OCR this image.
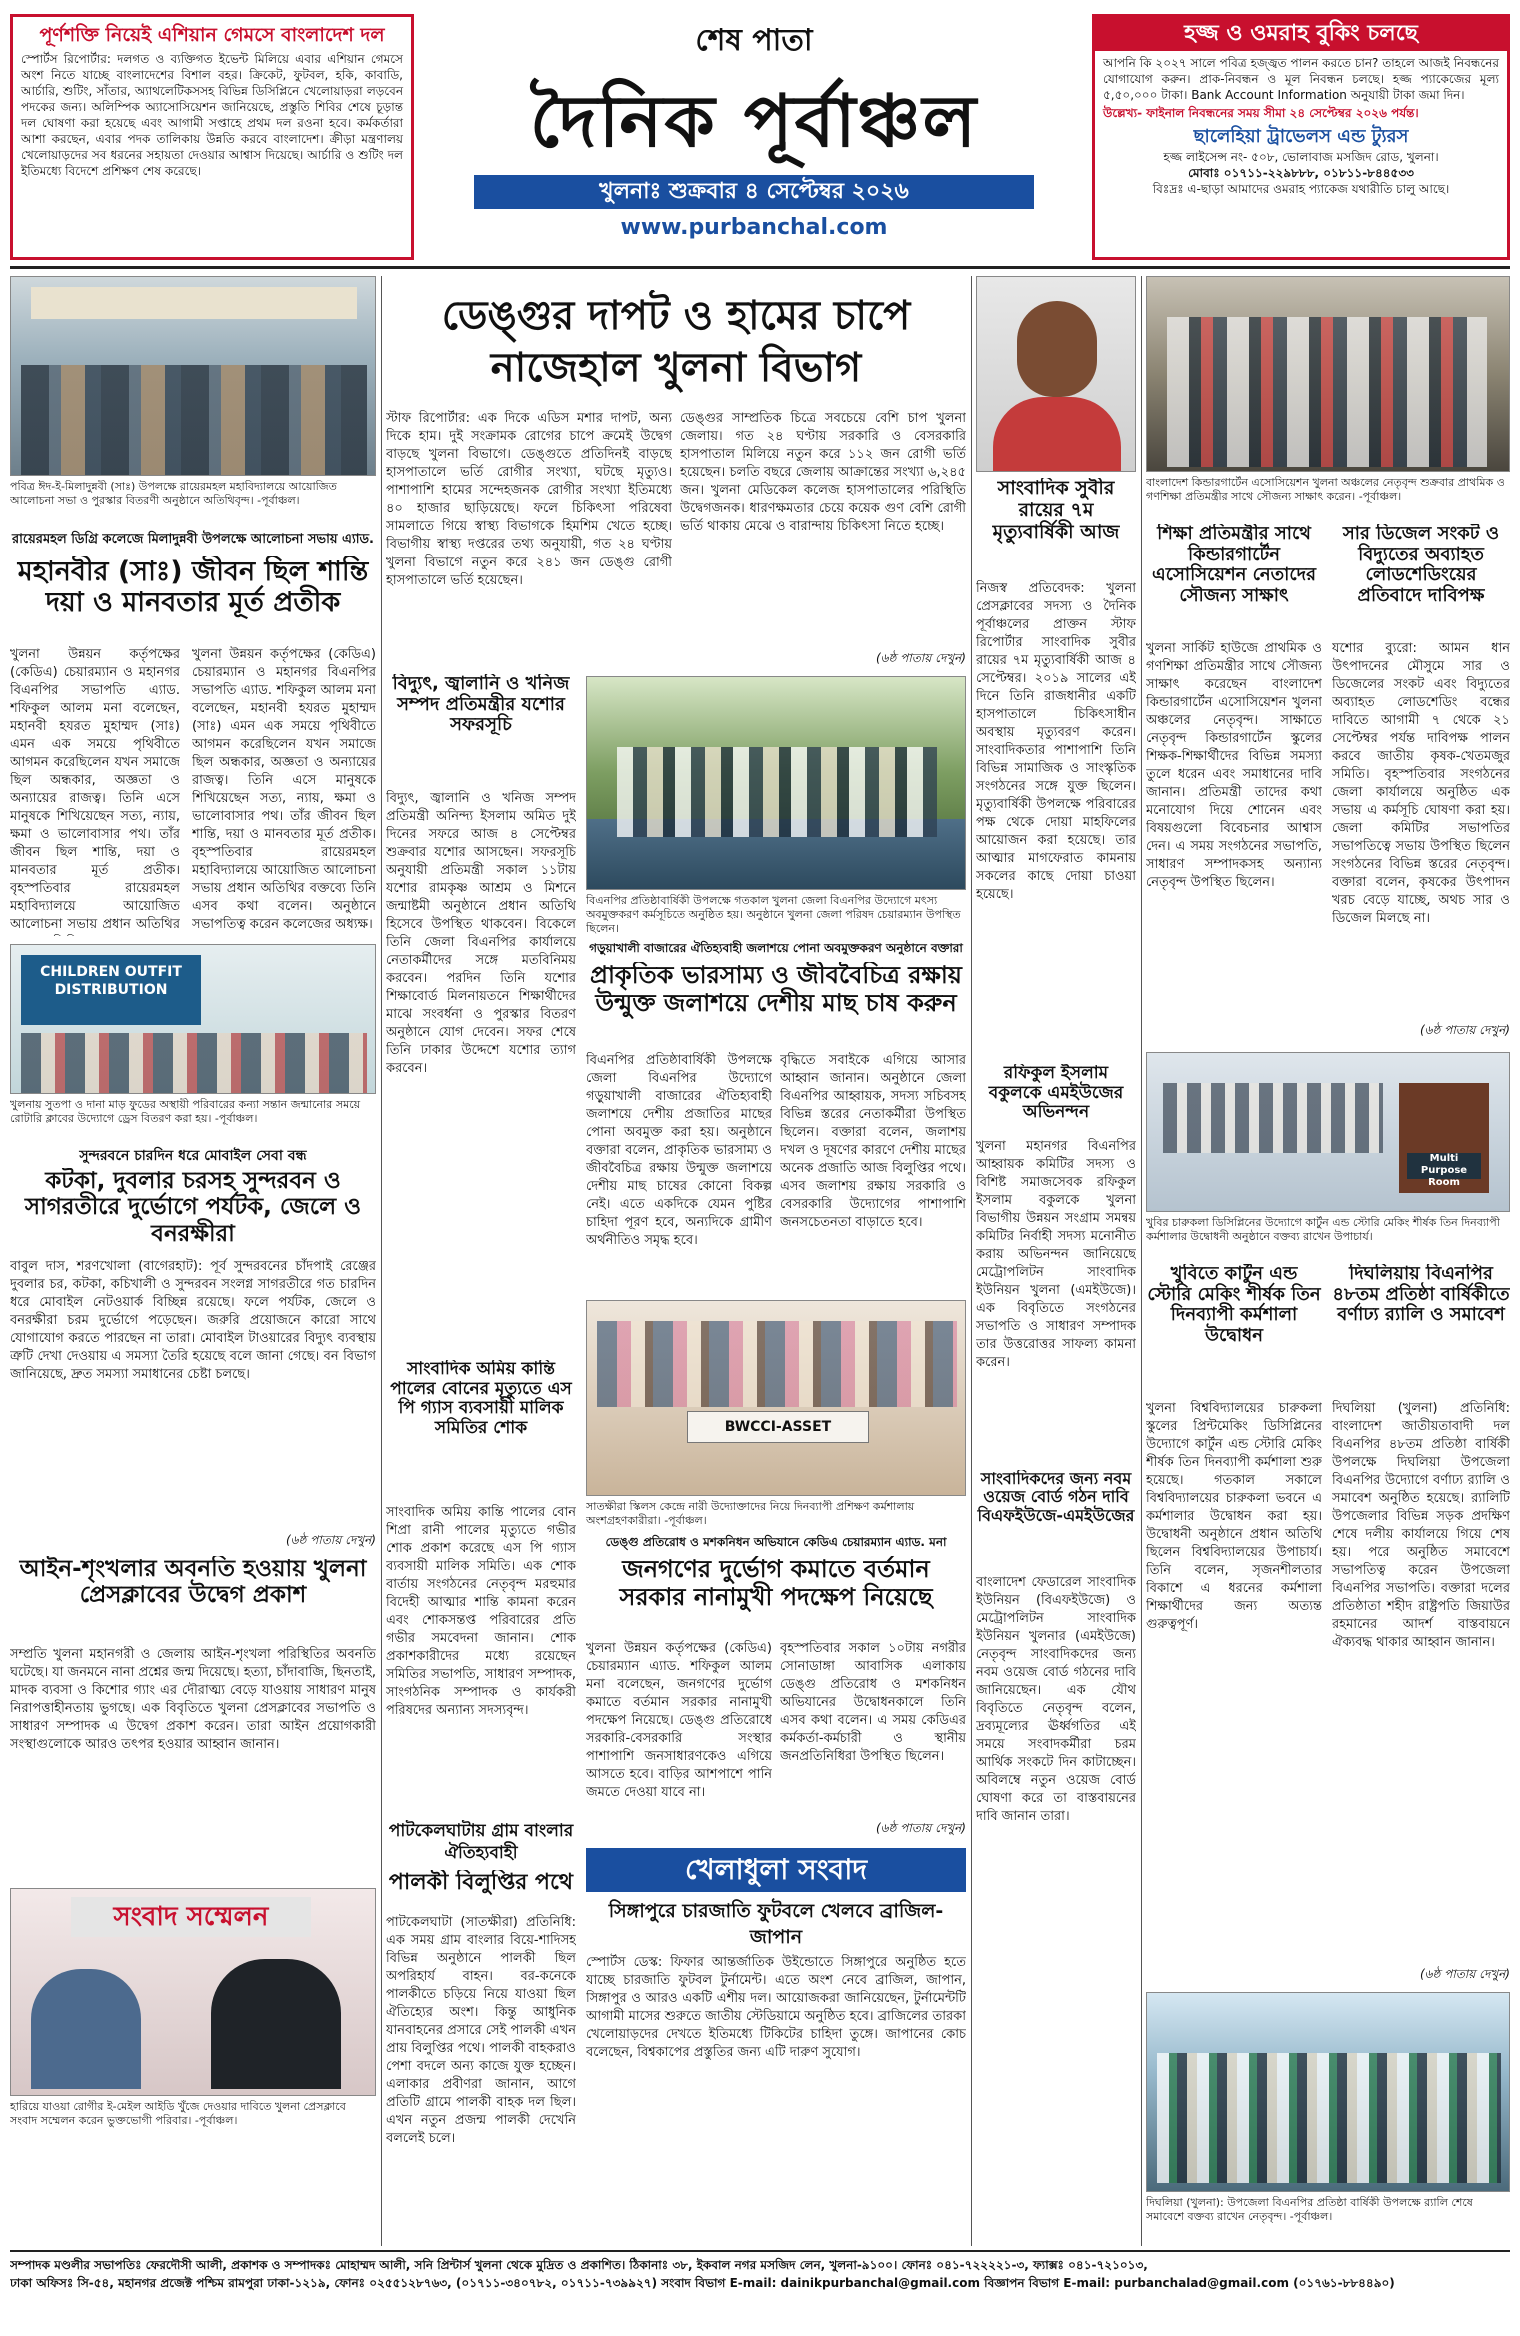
পূর্ণশক্তি নিয়েই এশিয়ান গেমসে বাংলাদেশ দল
স্পোর্টস রিপোর্টার: দলগত ও ব্যক্তিগত ইভেন্ট মিলিয়ে এবার এশিয়ান গেমসে অংশ নিতে যাচ্ছে বাংলাদেশের বিশাল বহর। ক্রিকেট, ফুটবল, হকি, কাবাডি, আর্চারি, শুটিং, সাঁতার, অ্যাথলেটিকসসহ বিভিন্ন ডিসিপ্লিনে খেলোয়াড়রা লড়বেন পদকের জন্য। অলিম্পিক অ্যাসোসিয়েশন জানিয়েছে, প্রস্তুতি শিবির শেষে চূড়ান্ত দল ঘোষণা করা হয়েছে এবং আগামী সপ্তাহে প্রথম দল রওনা হবে। কর্মকর্তারা আশা করছেন, এবার পদক তালিকায় উন্নতি করবে বাংলাদেশ। ক্রীড়া মন্ত্রণালয় খেলোয়াড়দের সব ধরনের সহায়তা দেওয়ার আশ্বাস দিয়েছে। আর্চারি ও শুটিং দল ইতিমধ্যে বিদেশে প্রশিক্ষণ শেষ করেছে।
শেষ পাতা
দৈনিক পূর্বাঞ্চল
খুলনাঃ শুক্রবার ৪ সেপ্টেম্বর ২০২৬
www.purbanchal.com
হজ্জ ও ওমরাহ বুকিং চলছে
আপনি কি ২০২৭ সালে পবিত্র হজ্জ্বত পালন করতে চান? তাহলে আজই নিবন্ধনের যোগাযোগ করুন। প্রাক-নিবন্ধন ও মূল নিবন্ধন চলছে। হজ্জ প্যাকেজের মূল্য ৫,৫০,০০০ টাকা। Bank Account Information অনুযায়ী টাকা জমা দিন।
উল্লেখ্য- ফাইনাল নিবন্ধনের সময় সীমা ২৪ সেপ্টেম্বর ২০২৬ পর্যন্ত।
ছালেহিয়া ট্রাভেলস এন্ড ট্যুরস
হজ্জ লাইসেন্স নং- ৫০৮, ভোলাবাজ মসজিদ রোড, খুলনা।
মোবাঃ ০১৭১১-২২৯৮৮৮, ০১৮১১-৮৪৪৫৩৩
বিঃদ্রঃ এ-ছাড়া আমাদের ওমরাহ প্যাকেজ যথারীতি চালু আছে।
পবিত্র ঈদ-ই-মিলাদুন্নবী (সাঃ) উপলক্ষে রায়েরমহল মহাবিদ্যালয়ে আয়োজিত আলোচনা সভা ও পুরস্কার বিতরণী অনুষ্ঠানে অতিথিবৃন্দ। -পূর্বাঞ্চল।
রায়েরমহল ডিগ্রি কলেজে মিলাদুন্নবী উপলক্ষে আলোচনা সভায় এ্যাড.
মহানবীর (সাঃ) জীবন ছিল শান্তি দয়া ও মানবতার মূর্ত প্রতীক
খুলনা উন্নয়ন কর্তৃপক্ষের (কেডিএ) চেয়ারম্যান ও মহানগর বিএনপির সভাপতি এ্যাড. শফিকুল আলম মনা বলেছেন, মহানবী হযরত মুহাম্মদ (সাঃ) এমন এক সময়ে পৃথিবীতে আগমন করেছিলেন যখন সমাজে ছিল অন্ধকার, অজ্ঞতা ও অন্যায়ের রাজত্ব। তিনি এসে মানুষকে শিখিয়েছেন সত্য, ন্যায়, ক্ষমা ও ভালোবাসার পথ। তাঁর জীবন ছিল শান্তি, দয়া ও মানবতার মূর্ত প্রতীক। বৃহস্পতিবার রায়েরমহল মহাবিদ্যালয়ে আয়োজিত আলোচনা সভায় প্রধান অতিথির
বিদ্যুৎ, জ্বালানি ও খনিজ সম্পদ প্রতিমন্ত্রীর যশোর সফরসূচি

খুলনা উন্নয়ন কর্তৃপক্ষের (কেডিএ) চেয়ারম্যান ও মহানগর বিএনপির সভাপতি এ্যাড. শফিকুল আলম মনা বলেছেন, মহানবী হযরত মুহাম্মদ (সাঃ) এমন এক সময়ে পৃথিবীতে আগমন করেছিলেন যখন সমাজে ছিল অন্ধকার, অজ্ঞতা ও অন্যায়ের রাজত্ব। তিনি এসে মানুষকে শিখিয়েছেন সত্য, ন্যায়, ক্ষমা ও ভালোবাসার পথ। তাঁর জীবন ছিল শান্তি, দয়া ও মানবতার মূর্ত প্রতীক। বৃহস্পতিবার রায়েরমহল মহাবিদ্যালয়ে আয়োজিত আলোচনা সভায় প্রধান অতিথির বক্তব্যে তিনি এসব কথা বলেন। অনুষ্ঠানে সভাপতিত্ব করেন কলেজের অধ্যক্ষ।

বিদ্যুৎ, জ্বালানি ও খনিজ সম্পদ প্রতিমন্ত্রী অনিন্দ্য ইসলাম অমিত দুই দিনের সফরে আজ ৪ সেপ্টেম্বর শুক্রবার যশোর আসছেন। সফরসূচি অনুযায়ী প্রতিমন্ত্রী সকাল ১১টায় যশোর রামকৃষ্ণ আশ্রম ও মিশনে জন্মাষ্টমী অনুষ্ঠানে প্রধান অতিথি হিসেবে উপস্থিত থাকবেন। বিকেলে তিনি জেলা বিএনপির কার্যালয়ে নেতাকর্মীদের সঙ্গে মতবিনিময় করবেন। পরদিন তিনি যশোর শিক্ষাবোর্ড মিলনায়তনে শিক্ষার্থীদের মাঝে সংবর্ধনা ও পুরস্কার বিতরণ অনুষ্ঠানে যোগ দেবেন। সফর শেষে তিনি ঢাকার উদ্দেশে যশোর ত্যাগ করবেন।
ডেঙ্গুর দাপট ও হামের চাপে নাজেহাল খুলনা বিভাগ
স্টাফ রিপোর্টার: এক দিকে এডিস মশার দাপট, অন্য দিকে হাম। দুই সংক্রামক রোগের চাপে ক্রমেই উদ্বেগ বাড়ছে খুলনা বিভাগে। ডেঙ্গুতে প্রতিদিনই বাড়ছে হাসপাতালে ভর্তি রোগীর সংখ্যা, ঘটছে মৃত্যুও। পাশাপাশি হামের সন্দেহজনক রোগীর সংখ্যা ইতিমধ্যে ৪০ হাজার ছাড়িয়েছে। ফলে চিকিৎসা পরিষেবা সামলাতে গিয়ে স্বাস্থ্য বিভাগকে হিমশিম খেতে হচ্ছে। বিভাগীয় স্বাস্থ্য দপ্তরের তথ্য অনুযায়ী, গত ২৪ ঘণ্টায় খুলনা বিভাগে নতুন করে ২৪১ জন ডেঙ্গু রোগী হাসপাতালে ভর্তি হয়েছেন।
ডেঙ্গুর সাম্প্রতিক চিত্রে সবচেয়ে বেশি চাপ খুলনা জেলায়। গত ২৪ ঘণ্টায় সরকারি ও বেসরকারি হাসপাতাল মিলিয়ে নতুন করে ১১২ জন রোগী ভর্তি হয়েছেন। চলতি বছরে জেলায় আক্রান্তের সংখ্যা ৬,২৪৫ জন। খুলনা মেডিকেল কলেজ হাসপাতালের পরিস্থিতি উদ্বেগজনক। ধারণক্ষমতার চেয়ে কয়েক গুণ বেশি রোগী ভর্তি থাকায় মেঝে ও বারান্দায় চিকিৎসা নিতে হচ্ছে।
(৬ষ্ঠ পাতায় দেখুন)
বিএনপির প্রতিষ্ঠাবার্ষিকী উপলক্ষে গতকাল খুলনা জেলা বিএনপির উদ্যোগে মৎস্য অবমুক্তকরণ কর্মসূচিতে অনুষ্ঠিত হয়। অনুষ্ঠানে খুলনা জেলা পরিষদ চেয়ারম্যান উপস্থিত ছিলেন।
গড়ুয়াখালী বাজারের ঐতিহ্যবাহী জলাশয়ে পোনা অবমুক্তকরণ অনুষ্ঠানে বক্তারা
প্রাকৃতিক ভারসাম্য ও জীববৈচিত্র রক্ষায় উন্মুক্ত জলাশয়ে দেশীয় মাছ চাষ করুন
বিএনপির প্রতিষ্ঠাবার্ষিকী উপলক্ষে জেলা বিএনপির উদ্যোগে গড়ুয়াখালী বাজারের ঐতিহ্যবাহী জলাশয়ে দেশীয় প্রজাতির মাছের পোনা অবমুক্ত করা হয়। অনুষ্ঠানে বক্তারা বলেন, প্রাকৃতিক ভারসাম্য ও জীববৈচিত্র রক্ষায় উন্মুক্ত জলাশয়ে দেশীয় মাছ চাষের কোনো বিকল্প নেই। এতে একদিকে যেমন পুষ্টির চাহিদা পূরণ হবে, অন্যদিকে গ্রামীণ অর্থনীতিও সমৃদ্ধ হবে।
বৃদ্ধিতে সবাইকে এগিয়ে আসার আহ্বান জানান। অনুষ্ঠানে জেলা বিএনপির আহ্বায়ক, সদস্য সচিবসহ বিভিন্ন স্তরের নেতাকর্মীরা উপস্থিত ছিলেন। বক্তারা বলেন, জলাশয় দখল ও দূষণের কারণে দেশীয় মাছের অনেক প্রজাতি আজ বিলুপ্তির পথে। এসব জলাশয় রক্ষায় সরকারি ও বেসরকারি উদ্যোগের পাশাপাশি জনসচেতনতা বাড়াতে হবে।
সাংবাদিক সুবীর রায়ের ৭ম মৃত্যুবার্ষিকী আজ
নিজস্ব প্রতিবেদক: খুলনা প্রেসক্লাবের সদস্য ও দৈনিক পূর্বাঞ্চলের প্রাক্তন স্টাফ রিপোর্টার সাংবাদিক সুবীর রায়ের ৭ম মৃত্যুবার্ষিকী আজ ৪ সেপ্টেম্বর। ২০১৯ সালের এই দিনে তিনি রাজধানীর একটি হাসপাতালে চিকিৎসাধীন অবস্থায় মৃত্যুবরণ করেন। সাংবাদিকতার পাশাপাশি তিনি বিভিন্ন সামাজিক ও সাংস্কৃতিক সংগঠনের সঙ্গে যুক্ত ছিলেন। মৃত্যুবার্ষিকী উপলক্ষে পরিবারের পক্ষ থেকে দোয়া মাহফিলের আয়োজন করা হয়েছে। তার আত্মার মাগফেরাত কামনায় সকলের কাছে দোয়া চাওয়া হয়েছে।
বাংলাদেশ কিন্ডারগার্টেন এসোসিয়েশন খুলনা অঞ্চলের নেতৃবৃন্দ শুক্রবার প্রাথমিক ও গণশিক্ষা প্রতিমন্ত্রীর সাথে সৌজন্য সাক্ষাৎ করেন। -পূর্বাঞ্চল।
শিক্ষা প্রতিমন্ত্রীর সাথে কিন্ডারগার্টেন এসোসিয়েশন নেতাদের সৌজন্য সাক্ষাৎ
খুলনা সার্কিট হাউজে প্রাথমিক ও গণশিক্ষা প্রতিমন্ত্রীর সাথে সৌজন্য সাক্ষাৎ করেছেন বাংলাদেশ কিন্ডারগার্টেন এসোসিয়েশন খুলনা অঞ্চলের নেতৃবৃন্দ। সাক্ষাতে নেতৃবৃন্দ কিন্ডারগার্টেন স্কুলের শিক্ষক-শিক্ষার্থীদের বিভিন্ন সমস্যা তুলে ধরেন এবং সমাধানের দাবি জানান। প্রতিমন্ত্রী তাদের কথা মনোযোগ দিয়ে শোনেন এবং বিষয়গুলো বিবেচনার আশ্বাস দেন। এ সময় সংগঠনের সভাপতি, সাধারণ সম্পাদকসহ অন্যান্য নেতৃবৃন্দ উপস্থিত ছিলেন।
সার ডিজেল সংকট ও বিদ্যুতের অব্যাহত লোডশেডিংয়ের প্রতিবাদে দাবিপক্ষ
যশোর ব্যুরো: আমন ধান উৎপাদনের মৌসুমে সার ও ডিজেলের সংকট এবং বিদ্যুতের অব্যাহত লোডশেডিং বন্ধের দাবিতে আগামী ৭ থেকে ২১ সেপ্টেম্বর পর্যন্ত দাবিপক্ষ পালন করবে জাতীয় কৃষক-খেতমজুর সমিতি। বৃহস্পতিবার সংগঠনের জেলা কার্যালয়ে অনুষ্ঠিত এক সভায় এ কর্মসূচি ঘোষণা করা হয়। জেলা কমিটির সভাপতির সভাপতিত্বে সভায় উপস্থিত ছিলেন সংগঠনের বিভিন্ন স্তরের নেতৃবৃন্দ। বক্তারা বলেন, কৃষকের উৎপাদন খরচ বেড়ে যাচ্ছে, অথচ সার ও ডিজেল মিলছে না।
(৬ষ্ঠ পাতায় দেখুন)
Multi Purpose Room
খুবির চারুকলা ডিসিপ্লিনের উদ্যোগে কার্টুন এন্ড স্টোরি মেকিং শীর্ষক তিন দিনব্যাপী কর্মশালার উদ্বোধনী অনুষ্ঠানে বক্তব্য রাখেন উপাচার্য।
খুবিতে কার্টুন এন্ড স্টোরি মেকিং শীর্ষক তিন দিনব্যাপী কর্মশালা উদ্বোধন
খুলনা বিশ্ববিদ্যালয়ের চারুকলা স্কুলের প্রিন্টমেকিং ডিসিপ্লিনের উদ্যোগে কার্টুন এন্ড স্টোরি মেকিং শীর্ষক তিন দিনব্যাপী কর্মশালা শুরু হয়েছে। গতকাল সকালে বিশ্ববিদ্যালয়ের চারুকলা ভবনে এ কর্মশালার উদ্বোধন করা হয়। উদ্বোধনী অনুষ্ঠানে প্রধান অতিথি ছিলেন বিশ্ববিদ্যালয়ের উপাচার্য। তিনি বলেন, সৃজনশীলতার বিকাশে এ ধরনের কর্মশালা শিক্ষার্থীদের জন্য অত্যন্ত গুরুত্বপূর্ণ।
দিঘলিয়ায় বিএনপির ৪৮তম প্রতিষ্ঠা বার্ষিকীতে বর্ণাঢ্য র‌্যালি ও সমাবেশ
দিঘলিয়া (খুলনা) প্রতিনিধি: বাংলাদেশ জাতীয়তাবাদী দল বিএনপির ৪৮তম প্রতিষ্ঠা বার্ষিকী উপলক্ষে দিঘলিয়া উপজেলা বিএনপির উদ্যোগে বর্ণাঢ্য র‌্যালি ও সমাবেশ অনুষ্ঠিত হয়েছে। র‌্যালিটি উপজেলার বিভিন্ন সড়ক প্রদক্ষিণ শেষে দলীয় কার্যালয়ে গিয়ে শেষ হয়। পরে অনুষ্ঠিত সমাবেশে সভাপতিত্ব করেন উপজেলা বিএনপির সভাপতি। বক্তারা দলের প্রতিষ্ঠাতা শহীদ রাষ্ট্রপতি জিয়াউর রহমানের আদর্শ বাস্তবায়নে ঐক্যবদ্ধ থাকার আহ্বান জানান।
(৬ষ্ঠ পাতায় দেখুন)
দিঘলিয়া (খুলনা): উপজেলা বিএনপির প্রতিষ্ঠা বার্ষিকী উপলক্ষে র‌্যালি শেষে সমাবেশে বক্তব্য রাখেন নেতৃবৃন্দ। -পূর্বাঞ্চল।
CHILDREN OUTFIT DISTRIBUTION
খুলনায় সুতপা ও দানা মাড় ফুডের অস্থায়ী পরিবারের কন্যা সন্তান জন্মানোর সময়ে রোটারি ক্লাবের উদ্যোগে ড্রেস বিতরণ করা হয়। -পূর্বাঞ্চল।
সুন্দরবনে চারদিন ধরে মোবাইল সেবা বন্ধ
কটকা, দুবলার চরসহ সুন্দরবন ও সাগরতীরে দুর্ভোগে পর্যটক, জেলে ও বনরক্ষীরা
বাবুল দাস, শরণখোলা (বাগেরহাট): পূর্ব সুন্দরবনের চাঁদপাই রেঞ্জের দুবলার চর, কটকা, কচিখালী ও সুন্দরবন সংলগ্ন সাগরতীরে গত চারদিন ধরে মোবাইল নেটওয়ার্ক বিচ্ছিন্ন রয়েছে। ফলে পর্যটক, জেলে ও বনরক্ষীরা চরম দুর্ভোগে পড়েছেন। জরুরি প্রয়োজনে কারো সাথে যোগাযোগ করতে পারছেন না তারা। মোবাইল টাওয়ারের বিদ্যুৎ ব্যবস্থায় ত্রুটি দেখা দেওয়ায় এ সমস্যা তৈরি হয়েছে বলে জানা গেছে। বন বিভাগ জানিয়েছে, দ্রুত সমস্যা সমাধানের চেষ্টা চলছে।
(৬ষ্ঠ পাতায় দেখুন)
সাংবাদিক অমিয় কান্তি পালের বোনের মৃত্যুতে এস পি গ্যাস ব্যবসায়ী মালিক সমিতির শোক
সাংবাদিক অমিয় কান্তি পালের বোন শিপ্রা রানী পালের মৃত্যুতে গভীর শোক প্রকাশ করেছে এস পি গ্যাস ব্যবসায়ী মালিক সমিতি। এক শোক বার্তায় সংগঠনের নেতৃবৃন্দ মরহুমার বিদেহী আত্মার শান্তি কামনা করেন এবং শোকসন্তপ্ত পরিবারের প্রতি গভীর সমবেদনা জানান। শোক প্রকাশকারীদের মধ্যে রয়েছেন সমিতির সভাপতি, সাধারণ সম্পাদক, সাংগঠনিক সম্পাদক ও কার্যকরী পরিষদের অন্যান্য সদস্যবৃন্দ।
রফিকুল ইসলাম বকুলকে এমইউজের অভিনন্দন
খুলনা মহানগর বিএনপির আহ্বায়ক কমিটির সদস্য ও বিশিষ্ট সমাজসেবক রফিকুল ইসলাম বকুলকে খুলনা বিভাগীয় উন্নয়ন সংগ্রাম সমন্বয় কমিটির নির্বাহী সদস্য মনোনীত করায় অভিনন্দন জানিয়েছে মেট্রোপলিটন সাংবাদিক ইউনিয়ন খুলনা (এমইউজে)। এক বিবৃতিতে সংগঠনের সভাপতি ও সাধারণ সম্পাদক তার উত্তরোত্তর সাফল্য কামনা করেন।
সাংবাদিকদের জন্য নবম ওয়েজ বোর্ড গঠন দাবি বিএফইউজে-এমইউজের
বাংলাদেশ ফেডারেল সাংবাদিক ইউনিয়ন (বিএফইউজে) ও মেট্রোপলিটন সাংবাদিক ইউনিয়ন খুলনার (এমইউজে) নেতৃবৃন্দ সাংবাদিকদের জন্য নবম ওয়েজ বোর্ড গঠনের দাবি জানিয়েছেন। এক যৌথ বিবৃতিতে নেতৃবৃন্দ বলেন, দ্রব্যমূল্যের ঊর্ধ্বগতির এই সময়ে সংবাদকর্মীরা চরম আর্থিক সংকটে দিন কাটাচ্ছেন। অবিলম্বে নতুন ওয়েজ বোর্ড ঘোষণা করে তা বাস্তবায়নের দাবি জানান তারা।
BWCCI-ASSET
সাতক্ষীরা স্কিলস কেন্দ্রে নারী উদ্যোক্তাদের নিয়ে দিনব্যাপী প্রশিক্ষণ কর্মশালায় অংশগ্রহণকারীরা। -পূর্বাঞ্চল।
ডেঙ্গু প্রতিরোধ ও মশকনিধন অভিযানে কেডিএ চেয়ারম্যান এ্যাড. মনা
জনগণের দুর্ভোগ কমাতে বর্তমান সরকার নানামুখী পদক্ষেপ নিয়েছে
খুলনা উন্নয়ন কর্তৃপক্ষের (কেডিএ) চেয়ারম্যান এ্যাড. শফিকুল আলম মনা বলেছেন, জনগণের দুর্ভোগ কমাতে বর্তমান সরকার নানামুখী পদক্ষেপ নিয়েছে। ডেঙ্গু প্রতিরোধে সরকারি-বেসরকারি সংস্থার পাশাপাশি জনসাধারণকেও এগিয়ে আসতে হবে। বাড়ির আশপাশে পানি জমতে দেওয়া যাবে না।
বৃহস্পতিবার সকাল ১০টায় নগরীর সোনাডাঙ্গা আবাসিক এলাকায় ডেঙ্গু প্রতিরোধ ও মশকনিধন অভিযানের উদ্বোধনকালে তিনি এসব কথা বলেন। এ সময় কেডিএর কর্মকর্তা-কর্মচারী ও স্থানীয় জনপ্রতিনিধিরা উপস্থিত ছিলেন।
(৬ষ্ঠ পাতায় দেখুন)
পাটকেলঘাটায় গ্রাম বাংলার ঐতিহ্যবাহী
পালকী বিলুপ্তির পথে
পাটকেলঘাটা (সাতক্ষীরা) প্রতিনিধি: এক সময় গ্রাম বাংলার বিয়ে-শাদিসহ বিভিন্ন অনুষ্ঠানে পালকী ছিল অপরিহার্য বাহন। বর-কনেকে পালকীতে চড়িয়ে নিয়ে যাওয়া ছিল ঐতিহ্যের অংশ। কিন্তু আধুনিক যানবাহনের প্রসারে সেই পালকী এখন প্রায় বিলুপ্তির পথে। পালকী বাহকরাও পেশা বদলে অন্য কাজে যুক্ত হচ্ছেন। এলাকার প্রবীণরা জানান, আগে প্রতিটি গ্রামে পালকী বাহক দল ছিল। এখন নতুন প্রজন্ম পালকী দেখেনি বললেই চলে।
খেলাধুলা সংবাদ
সিঙ্গাপুরে চারজাতি ফুটবলে খেলবে ব্রাজিল-জাপান
স্পোর্টস ডেস্ক: ফিফার আন্তর্জাতিক উইন্ডোতে সিঙ্গাপুরে অনুষ্ঠিত হতে যাচ্ছে চারজাতি ফুটবল টুর্নামেন্ট। এতে অংশ নেবে ব্রাজিল, জাপান, সিঙ্গাপুর ও আরও একটি এশীয় দল। আয়োজকরা জানিয়েছেন, টুর্নামেন্টটি আগামী মাসের শুরুতে জাতীয় স্টেডিয়ামে অনুষ্ঠিত হবে। ব্রাজিলের তারকা খেলোয়াড়দের দেখতে ইতিমধ্যে টিকিটের চাহিদা তুঙ্গে। জাপানের কোচ বলেছেন, বিশ্বকাপের প্রস্তুতির জন্য এটি দারুণ সুযোগ।
আইন-শৃংখলার অবনতি হওয়ায় খুলনা প্রেসক্লাবের উদ্বেগ প্রকাশ
সম্প্রতি খুলনা মহানগরী ও জেলায় আইন-শৃংখলা পরিস্থিতির অবনতি ঘটেছে। যা জনমনে নানা প্রশ্নের জন্ম দিয়েছে। হত্যা, চাঁদাবাজি, ছিনতাই, মাদক ব্যবসা ও কিশোর গ্যাং এর দৌরাত্ম্য বেড়ে যাওয়ায় সাধারণ মানুষ নিরাপত্তাহীনতায় ভুগছে। এক বিবৃতিতে খুলনা প্রেসক্লাবের সভাপতি ও সাধারণ সম্পাদক এ উদ্বেগ প্রকাশ করেন। তারা আইন প্রয়োগকারী সংস্থাগুলোকে আরও তৎপর হওয়ার আহ্বান জানান।
সংবাদ সম্মেলন
হারিয়ে যাওয়া রোগীর ই-মেইল আইডি খুঁজে দেওয়ার দাবিতে খুলনা প্রেসক্লাবে সংবাদ সম্মেলন করেন ভুক্তভোগী পরিবার। -পূর্বাঞ্চল।
সম্পাদক মণ্ডলীর সভাপতিঃ ফেরদৌসী আলী, প্রকাশক ও সম্পাদকঃ মোহাম্মদ আলী, সনি প্রিন্টার্স খুলনা থেকে মুদ্রিত ও প্রকাশিত। ঠিকানাঃ ৩৮, ইকবাল নগর মসজিদ লেন, খুলনা-৯১০০। ফোনঃ ০৪১-৭২২২২১-৩, ফ্যাক্সঃ ০৪১-৭২১০১৩,
ঢাকা অফিসঃ সি-৫৪, মহানগর প্রজেক্ট পশ্চিম রামপুরা ঢাকা-১২১৯, ফোনঃ ০২৫৫১২৮৭৬৩, (০১৭১১-৩৪০৭৮২, ০১৭১১-৭৩৯৯২৭) সংবাদ বিভাগ E-mail: dainikpurbanchal@gmail.com বিজ্ঞাপন বিভাগ E-mail: purbanchalad@gmail.com (০১৭৬১-৮৮৪৪৯০)
